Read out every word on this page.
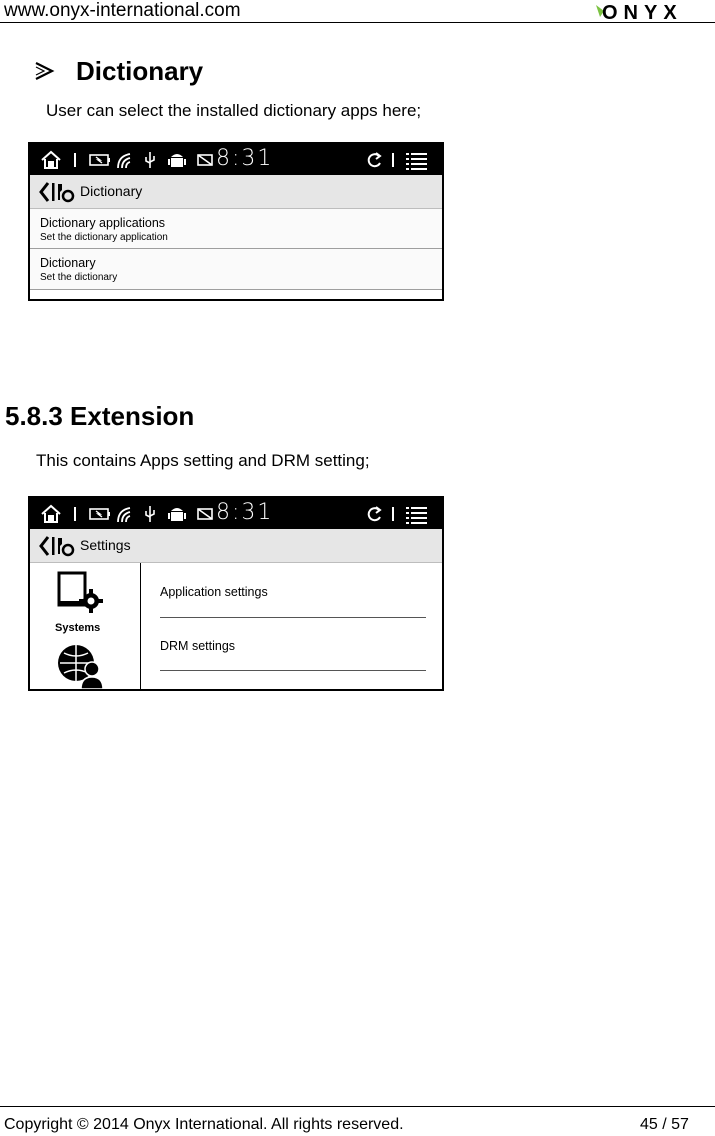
www.onyx-international.com	ONYX
Dictionary
User can select the installed dictionary apps here;
8:31
Dictionary
Dictionary applications
Set the dictionary application
Dictionary
Set the dictionary
5.8.3 Extension
This contains Apps setting and DRM setting;
8:31
Settings
Systems
Application settings
DRM settings
Copyright © 2014 Onyx International. All rights reserved.	45 / 57
